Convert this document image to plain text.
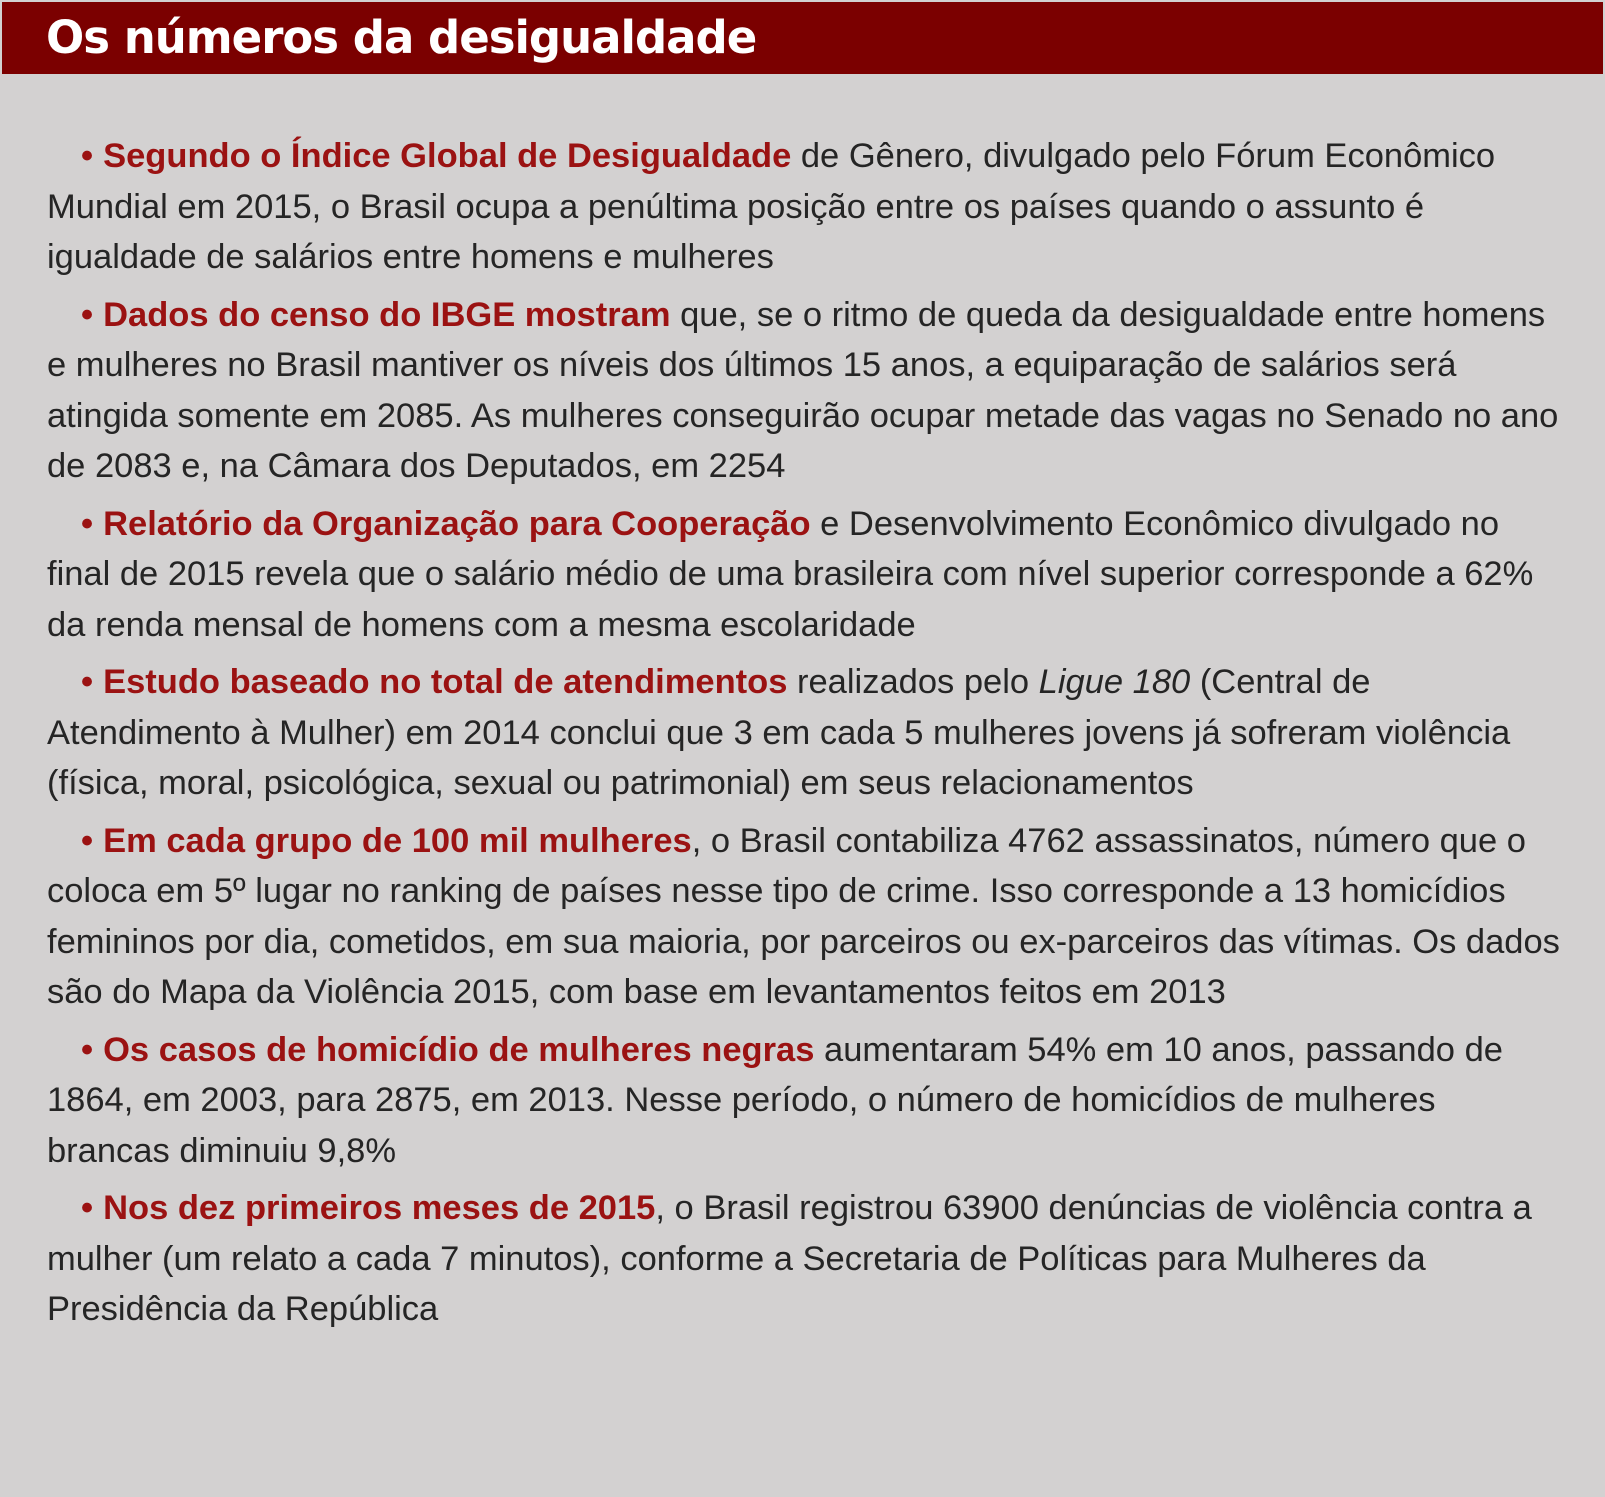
Os números da desigualdade
• Segundo o Índice Global de Desigualdade de Gênero, divulgado pelo Fórum Econômico Mundial em 2015, o Brasil ocupa a penúltima posição entre os países quando o assunto é igualdade de salários entre homens e mulheres
• Dados do censo do IBGE mostram que, se o ritmo de queda da desigualdade entre homens e mulheres no Brasil mantiver os níveis dos últimos 15 anos, a equiparação de salários será atingida somente em 2085. As mulheres conseguirão ocupar metade das vagas no Senado no ano de 2083 e, na Câmara dos Deputados, em 2254
• Relatório da Organização para Cooperação e Desenvolvimento Econômico divulgado no final de 2015 revela que o salário médio de uma brasileira com nível superior corresponde a 62% da renda mensal de homens com a mesma escolaridade
• Estudo baseado no total de atendimentos realizados pelo Ligue 180 (Central de Atendimento à Mulher) em 2014 conclui que 3 em cada 5 mulheres jovens já sofreram violência (física, moral, psicológica, sexual ou patrimonial) em seus relacionamentos
• Em cada grupo de 100 mil mulheres, o Brasil contabiliza 4762 assassinatos, número que o coloca em 5º lugar no ranking de países nesse tipo de crime. Isso corresponde a 13 homicídios femininos por dia, cometidos, em sua maioria, por parceiros ou ex-parceiros das vítimas. Os dados são do Mapa da Violência 2015, com base em levantamentos feitos em 2013
• Os casos de homicídio de mulheres negras aumentaram 54% em 10 anos, passando de 1864, em 2003, para 2875, em 2013. Nesse período, o número de homicídios de mulheres brancas diminuiu 9,8%
• Nos dez primeiros meses de 2015, o Brasil registrou 63900 denúncias de violência contra a mulher (um relato a cada 7 minutos), conforme a Secretaria de Políticas para Mulheres da Presidência da República
